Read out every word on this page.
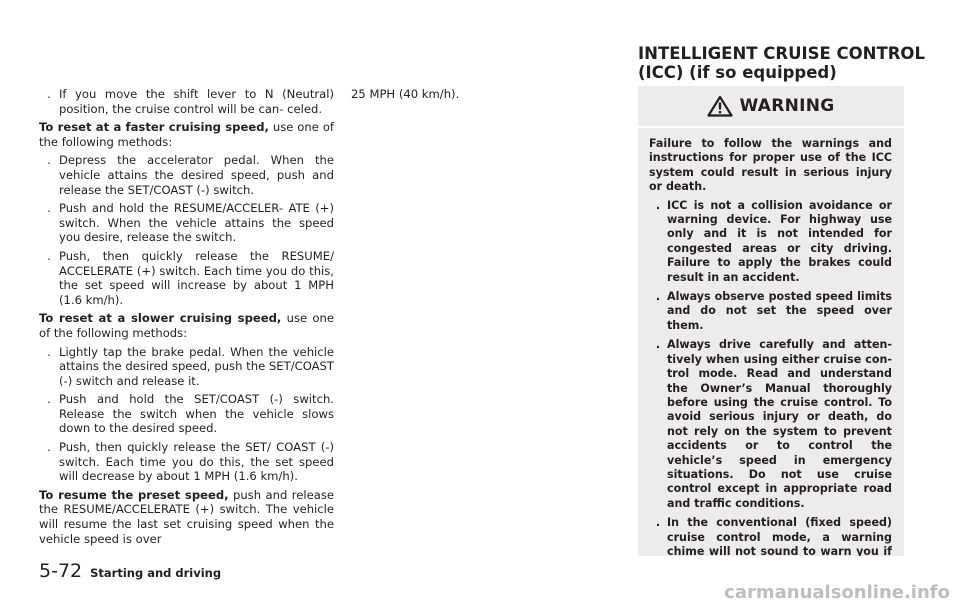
. If you move the shift lever to N (Neutral) position, the cruise control will be can- celed.
To reset at a faster cruising speed, use one of the following methods:
. Depress the accelerator pedal. When the vehicle attains the desired speed, push and release the SET/COAST (-) switch.
. Push and hold the RESUME/ACCELER- ATE (+) switch. When the vehicle attains the speed you desire, release the switch.
. Push, then quickly release the RESUME/ ACCELERATE (+) switch. Each time you do this, the set speed will increase by about 1 MPH (1.6 km/h).
To reset at a slower cruising speed, use one of the following methods:
. Lightly tap the brake pedal. When the vehicle attains the desired speed, push the SET/COAST (-) switch and release it.
. Push and hold the SET/COAST (-) switch. Release the switch when the vehicle slows down to the desired speed.
. Push, then quickly release the SET/ COAST (-) switch. Each time you do this, the set speed will decrease by about 1 MPH (1.6 km/h).
To resume the preset speed, push and release the RESUME/ACCELERATE (+) switch. The vehicle will resume the last set cruising speed when the vehicle speed is over
25 MPH (40 km/h).
INTELLIGENT CRUISE CONTROL
(ICC) (if so equipped)
WARNING
Failure to follow the warnings and instructions for proper use of the ICC system could result in serious injury or death.
. ICC is not a collision avoidance or warning device. For highway use only and it is not intended for congested areas or city driving. Failure to apply the brakes could result in an accident.
. Always observe posted speed limits and do not set the speed over them.
. Always drive carefully and atten- tively when using either cruise con- trol mode. Read and understand the Owner’s Manual thoroughly before using the cruise control. To avoid serious injury or death, do not rely on the system to prevent accidents or to control the vehicle’s speed in emergency situations. Do not use cruise control except in appropriate road and traffic conditions.
. In the conventional (fixed speed) cruise control mode, a warning chime will not sound to warn you if
5-72 Starting and driving
carmanualsonline.info
